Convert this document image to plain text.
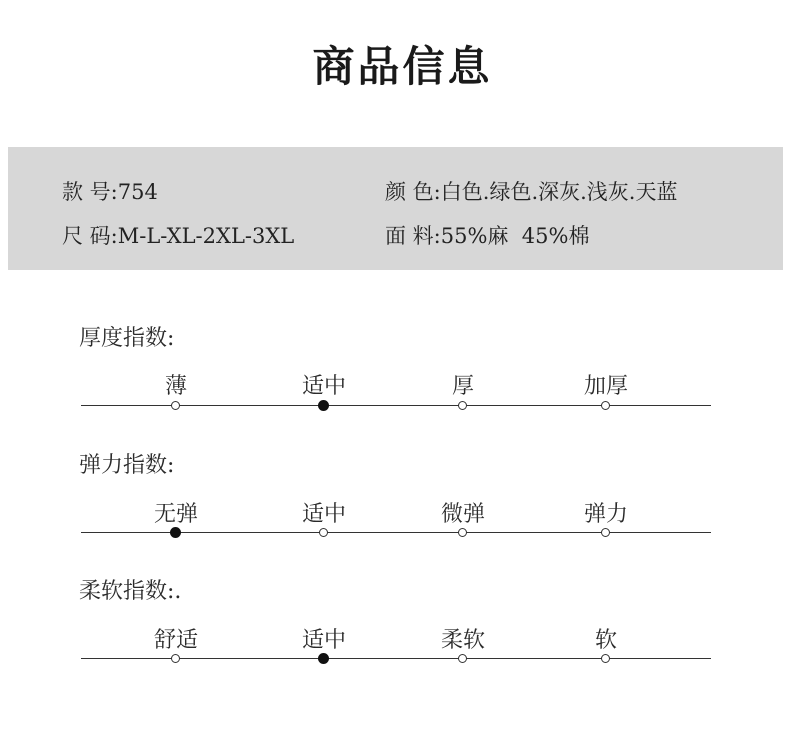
商品信息
款 号:754	颜 色:白色.绿色.深灰.浅灰.天蓝
尺 码:M-L-XL-2XL-3XL	面 料:55%麻  45%棉
厚度指数:
薄	适中	厚	加厚
弹力指数:
无弹	适中	微弹	弹力
柔软指数:.
舒适	适中	柔软	软
